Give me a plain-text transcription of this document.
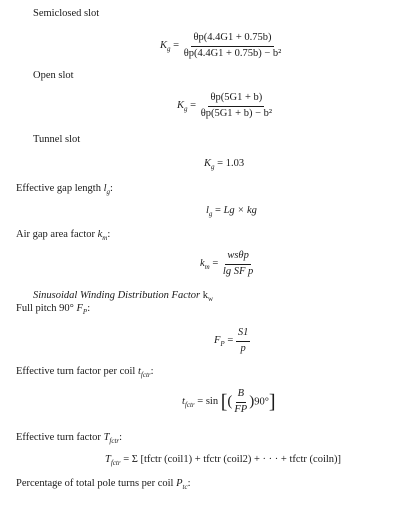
Semiclosed slot
$K_g = \frac{\theta p(4.4G1 + 0.75b)}{\text{θp(4.4G1 + 0.75b) − b²}}$
Open slot
$K_g = \frac{\theta p(5G1 + b)}{\text{θp(5G1 + b) − b²}}$
Tunnel slot
$K_g = 1.03$
Effective gap length $l_g$:
$l_g = Lg$ × kg
Air gap area factor $k_m$:
$k_m = \frac{\text{wsθp}}{\text{lg SF p}}$
Sinusoidal Winding Distribution Factor $k_w$
Full pitch 90° $F_P$:
$F_P = \frac{S1}{p}$
Effective turn factor per coil $t_{fctr}$:
$t_{fctr} = \sin$ [( $\frac{B}{FP} )90^\circ$]
Effective turn factor $T_{fctr}$:
$T_{fctr} = \Sigma$ [tfctr (coil1) + tfctr (coil2) + · · · + tfctr (coiln)]
Percentage of total pole turns per coil $P_{tc}$:
